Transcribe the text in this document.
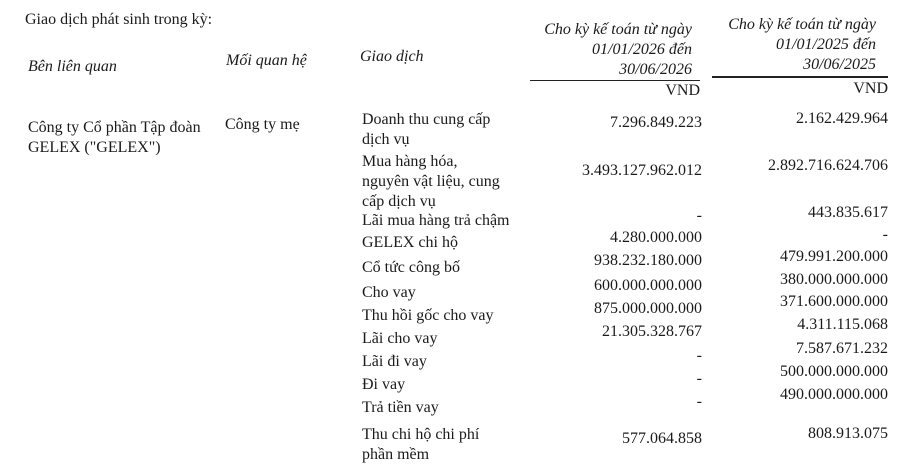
Giao dịch phát sinh trong kỳ:
Bên liên quan	Mối quan hệ	Giao dịch
Cho kỳ kế toán từ ngày
01/01/2026 đến
30/06/2026
Cho kỳ kế toán từ ngày
01/01/2025 đến
30/06/2025
VND	VND
Công ty Cổ phần Tập đoàn
GELEX ("GELEX")
Công ty mẹ	Doanh thu cung cấp
dịch vụ
7.296.849.223	2.162.429.964
Mua hàng hóa,
nguyên vật liệu, cung
cấp dịch vụ
3.493.127.962.012	2.892.716.624.706
Lãi mua hàng trả chậm	-	443.835.617
GELEX chi hộ	4.280.000.000	-
Cổ tức công bố	938.232.180.000	479.991.200.000
Cho vay	600.000.000.000	380.000.000.000
Thu hồi gốc cho vay	875.000.000.000	371.600.000.000
Lãi cho vay	21.305.328.767	4.311.115.068
Lãi đi vay	-	7.587.671.232
Đi vay	-	500.000.000.000
Trả tiền vay	-	490.000.000.000
Thu chi hộ chi phí
phần mềm
577.064.858	808.913.075
